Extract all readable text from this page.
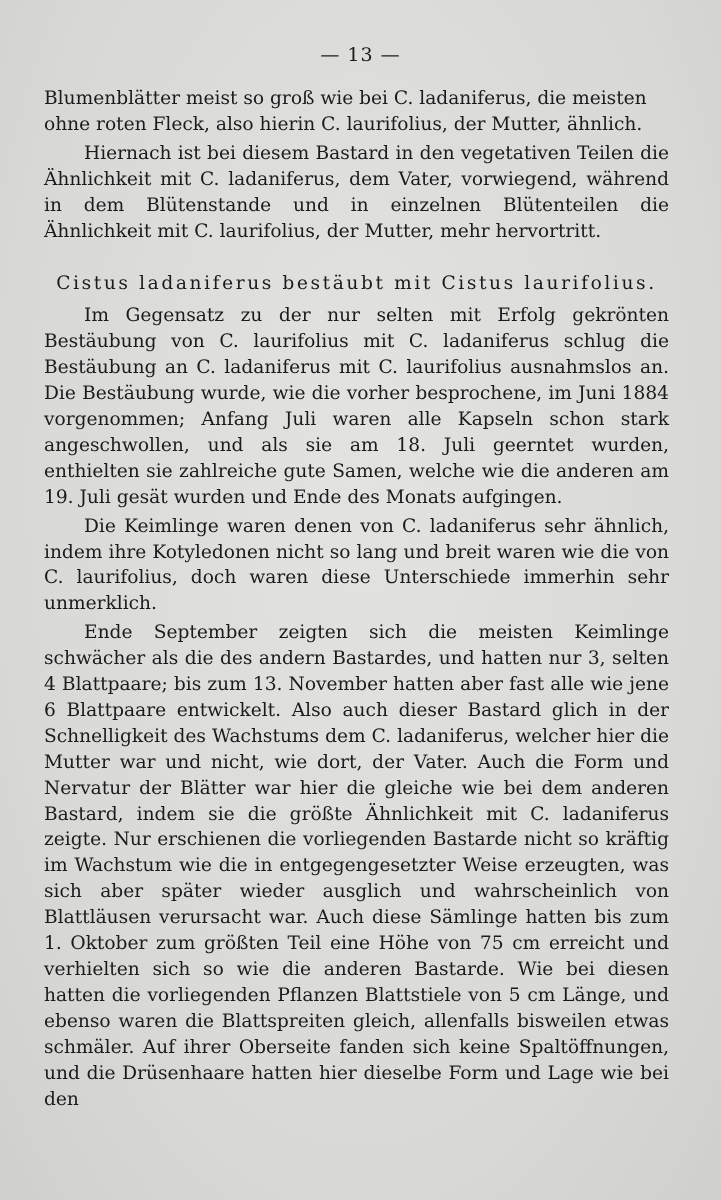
— 13 —

Blumenblätter meist so groß wie bei C. ladaniferus, die meisten ohne roten Fleck, also hierin C. laurifolius, der Mutter, ähnlich.

Hiernach ist bei diesem Bastard in den vegetativen Teilen die Ähnlichkeit mit C. ladaniferus, dem Vater, vorwiegend, während in dem Blütenstande und in einzelnen Blütenteilen die Ähnlichkeit mit C. laurifolius, der Mutter, mehr hervortritt.

Cistus ladaniferus bestäubt mit Cistus laurifolius.

Im Gegensatz zu der nur selten mit Erfolg gekrönten Bestäubung von C. laurifolius mit C. ladaniferus schlug die Bestäubung an C. ladaniferus mit C. laurifolius ausnahmslos an. Die Bestäubung wurde, wie die vorher besprochene, im Juni 1884 vorgenommen; Anfang Juli waren alle Kapseln schon stark angeschwollen, und als sie am 18. Juli geerntet wurden, enthielten sie zahlreiche gute Samen, welche wie die anderen am 19. Juli gesät wurden und Ende des Monats aufgingen.

Die Keimlinge waren denen von C. ladaniferus sehr ähnlich, indem ihre Kotyledonen nicht so lang und breit waren wie die von C. laurifolius, doch waren diese Unterschiede immerhin sehr unmerklich.

Ende September zeigten sich die meisten Keimlinge schwächer als die des andern Bastardes, und hatten nur 3, selten 4 Blattpaare; bis zum 13. November hatten aber fast alle wie jene 6 Blattpaare entwickelt. Also auch dieser Bastard glich in der Schnelligkeit des Wachstums dem C. ladaniferus, welcher hier die Mutter war und nicht, wie dort, der Vater. Auch die Form und Nervatur der Blätter war hier die gleiche wie bei dem anderen Bastard, indem sie die größte Ähnlichkeit mit C. ladaniferus zeigte. Nur erschienen die vorliegenden Bastarde nicht so kräftig im Wachstum wie die in entgegengesetzter Weise erzeugten, was sich aber später wieder ausglich und wahrscheinlich von Blattläusen verursacht war. Auch diese Sämlinge hatten bis zum 1. Oktober zum größten Teil eine Höhe von 75 cm erreicht und verhielten sich so wie die anderen Bastarde. Wie bei diesen hatten die vorliegenden Pflanzen Blattstiele von 5 cm Länge, und ebenso waren die Blattspreiten gleich, allenfalls bisweilen etwas schmäler. Auf ihrer Oberseite fanden sich keine Spaltöffnungen, und die Drüsenhaare hatten hier dieselbe Form und Lage wie bei den
